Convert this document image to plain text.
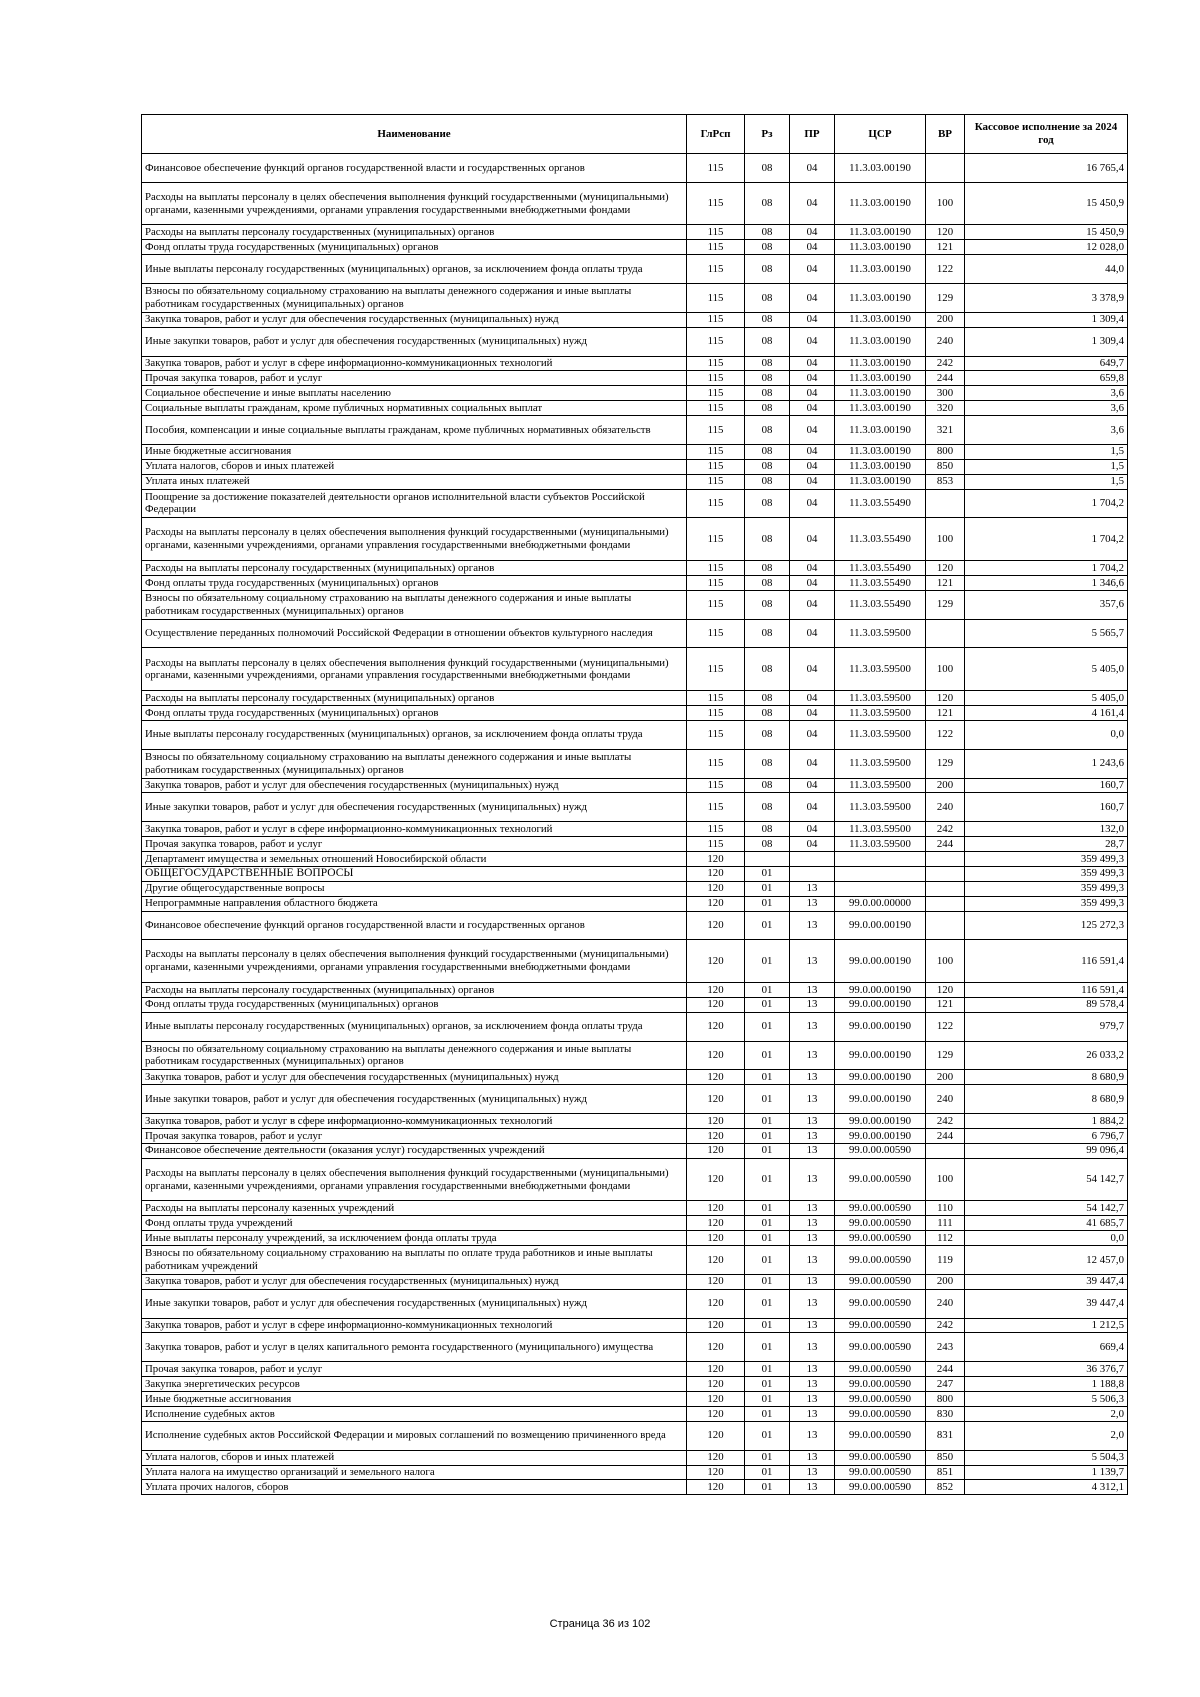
Наименование	ГлРсп	Рз	ПР	ЦСР	ВР	Кассовое исполнение за 2024 год
Финансовое обеспечение функций органов государственной власти и государственных органов	115	08	04	11.3.03.00190		16 765,4
Расходы на выплаты персоналу в целях обеспечения выполнения функций государственными (муниципальными) органами, казенными учреждениями, органами управления государственными внебюджетными фондами	115	08	04	11.3.03.00190	100	15 450,9
Расходы на выплаты персоналу государственных (муниципальных) органов	115	08	04	11.3.03.00190	120	15 450,9
Фонд оплаты труда государственных (муниципальных) органов	115	08	04	11.3.03.00190	121	12 028,0
Иные выплаты персоналу государственных (муниципальных) органов, за исключением фонда оплаты труда	115	08	04	11.3.03.00190	122	44,0
Взносы по обязательному социальному страхованию на выплаты денежного содержания и иные выплаты работникам государственных (муниципальных) органов	115	08	04	11.3.03.00190	129	3 378,9
Закупка товаров, работ и услуг для обеспечения государственных (муниципальных) нужд	115	08	04	11.3.03.00190	200	1 309,4
Иные закупки товаров, работ и услуг для обеспечения государственных (муниципальных) нужд	115	08	04	11.3.03.00190	240	1 309,4
Закупка товаров, работ и услуг в сфере информационно-коммуникационных технологий	115	08	04	11.3.03.00190	242	649,7
Прочая закупка товаров, работ и услуг	115	08	04	11.3.03.00190	244	659,8
Социальное обеспечение и иные выплаты населению	115	08	04	11.3.03.00190	300	3,6
Социальные выплаты гражданам, кроме публичных нормативных социальных выплат	115	08	04	11.3.03.00190	320	3,6
Пособия, компенсации и иные социальные выплаты гражданам, кроме публичных нормативных обязательств	115	08	04	11.3.03.00190	321	3,6
Иные бюджетные ассигнования	115	08	04	11.3.03.00190	800	1,5
Уплата налогов, сборов и иных платежей	115	08	04	11.3.03.00190	850	1,5
Уплата иных платежей	115	08	04	11.3.03.00190	853	1,5
Поощрение за достижение показателей деятельности органов исполнительной власти субъектов Российской Федерации	115	08	04	11.3.03.55490		1 704,2
Расходы на выплаты персоналу в целях обеспечения выполнения функций государственными (муниципальными) органами, казенными учреждениями, органами управления государственными внебюджетными фондами	115	08	04	11.3.03.55490	100	1 704,2
Расходы на выплаты персоналу государственных (муниципальных) органов	115	08	04	11.3.03.55490	120	1 704,2
Фонд оплаты труда государственных (муниципальных) органов	115	08	04	11.3.03.55490	121	1 346,6
Взносы по обязательному социальному страхованию на выплаты денежного содержания и иные выплаты работникам государственных (муниципальных) органов	115	08	04	11.3.03.55490	129	357,6
Осуществление переданных полномочий Российской Федерации в отношении объектов культурного наследия	115	08	04	11.3.03.59500		5 565,7
Расходы на выплаты персоналу в целях обеспечения выполнения функций государственными (муниципальными) органами, казенными учреждениями, органами управления государственными внебюджетными фондами	115	08	04	11.3.03.59500	100	5 405,0
Расходы на выплаты персоналу государственных (муниципальных) органов	115	08	04	11.3.03.59500	120	5 405,0
Фонд оплаты труда государственных (муниципальных) органов	115	08	04	11.3.03.59500	121	4 161,4
Иные выплаты персоналу государственных (муниципальных) органов, за исключением фонда оплаты труда	115	08	04	11.3.03.59500	122	0,0
Взносы по обязательному социальному страхованию на выплаты денежного содержания и иные выплаты работникам государственных (муниципальных) органов	115	08	04	11.3.03.59500	129	1 243,6
Закупка товаров, работ и услуг для обеспечения государственных (муниципальных) нужд	115	08	04	11.3.03.59500	200	160,7
Иные закупки товаров, работ и услуг для обеспечения государственных (муниципальных) нужд	115	08	04	11.3.03.59500	240	160,7
Закупка товаров, работ и услуг в сфере информационно-коммуникационных технологий	115	08	04	11.3.03.59500	242	132,0
Прочая закупка товаров, работ и услуг	115	08	04	11.3.03.59500	244	28,7
Департамент имущества и земельных отношений Новосибирской области	120					359 499,3
ОБЩЕГОСУДАРСТВЕННЫЕ ВОПРОСЫ	120	01				359 499,3
Другие общегосударственные вопросы	120	01	13			359 499,3
Непрограммные направления областного бюджета	120	01	13	99.0.00.00000		359 499,3
Финансовое обеспечение функций органов государственной власти и государственных органов	120	01	13	99.0.00.00190		125 272,3
Расходы на выплаты персоналу в целях обеспечения выполнения функций государственными (муниципальными) органами, казенными учреждениями, органами управления государственными внебюджетными фондами	120	01	13	99.0.00.00190	100	116 591,4
Расходы на выплаты персоналу государственных (муниципальных) органов	120	01	13	99.0.00.00190	120	116 591,4
Фонд оплаты труда государственных (муниципальных) органов	120	01	13	99.0.00.00190	121	89 578,4
Иные выплаты персоналу государственных (муниципальных) органов, за исключением фонда оплаты труда	120	01	13	99.0.00.00190	122	979,7
Взносы по обязательному социальному страхованию на выплаты денежного содержания и иные выплаты работникам государственных (муниципальных) органов	120	01	13	99.0.00.00190	129	26 033,2
Закупка товаров, работ и услуг для обеспечения государственных (муниципальных) нужд	120	01	13	99.0.00.00190	200	8 680,9
Иные закупки товаров, работ и услуг для обеспечения государственных (муниципальных) нужд	120	01	13	99.0.00.00190	240	8 680,9
Закупка товаров, работ и услуг в сфере информационно-коммуникационных технологий	120	01	13	99.0.00.00190	242	1 884,2
Прочая закупка товаров, работ и услуг	120	01	13	99.0.00.00190	244	6 796,7
Финансовое обеспечение деятельности (оказания услуг) государственных учреждений	120	01	13	99.0.00.00590		99 096,4
Расходы на выплаты персоналу в целях обеспечения выполнения функций государственными (муниципальными) органами, казенными учреждениями, органами управления государственными внебюджетными фондами	120	01	13	99.0.00.00590	100	54 142,7
Расходы на выплаты персоналу казенных учреждений	120	01	13	99.0.00.00590	110	54 142,7
Фонд оплаты труда учреждений	120	01	13	99.0.00.00590	111	41 685,7
Иные выплаты персоналу учреждений, за исключением фонда оплаты труда	120	01	13	99.0.00.00590	112	0,0
Взносы по обязательному социальному страхованию на выплаты по оплате труда работников и иные выплаты работникам учреждений	120	01	13	99.0.00.00590	119	12 457,0
Закупка товаров, работ и услуг для обеспечения государственных (муниципальных) нужд	120	01	13	99.0.00.00590	200	39 447,4
Иные закупки товаров, работ и услуг для обеспечения государственных (муниципальных) нужд	120	01	13	99.0.00.00590	240	39 447,4
Закупка товаров, работ и услуг в сфере информационно-коммуникационных технологий	120	01	13	99.0.00.00590	242	1 212,5
Закупка товаров, работ и услуг в целях капитального ремонта государственного (муниципального) имущества	120	01	13	99.0.00.00590	243	669,4
Прочая закупка товаров, работ и услуг	120	01	13	99.0.00.00590	244	36 376,7
Закупка энергетических ресурсов	120	01	13	99.0.00.00590	247	1 188,8
Иные бюджетные ассигнования	120	01	13	99.0.00.00590	800	5 506,3
Исполнение судебных актов	120	01	13	99.0.00.00590	830	2,0
Исполнение судебных актов Российской Федерации и мировых соглашений по возмещению причиненного вреда	120	01	13	99.0.00.00590	831	2,0
Уплата налогов, сборов и иных платежей	120	01	13	99.0.00.00590	850	5 504,3
Уплата налога на имущество организаций и земельного налога	120	01	13	99.0.00.00590	851	1 139,7
Уплата прочих налогов, сборов	120	01	13	99.0.00.00590	852	4 312,1
Страница 36 из 102
